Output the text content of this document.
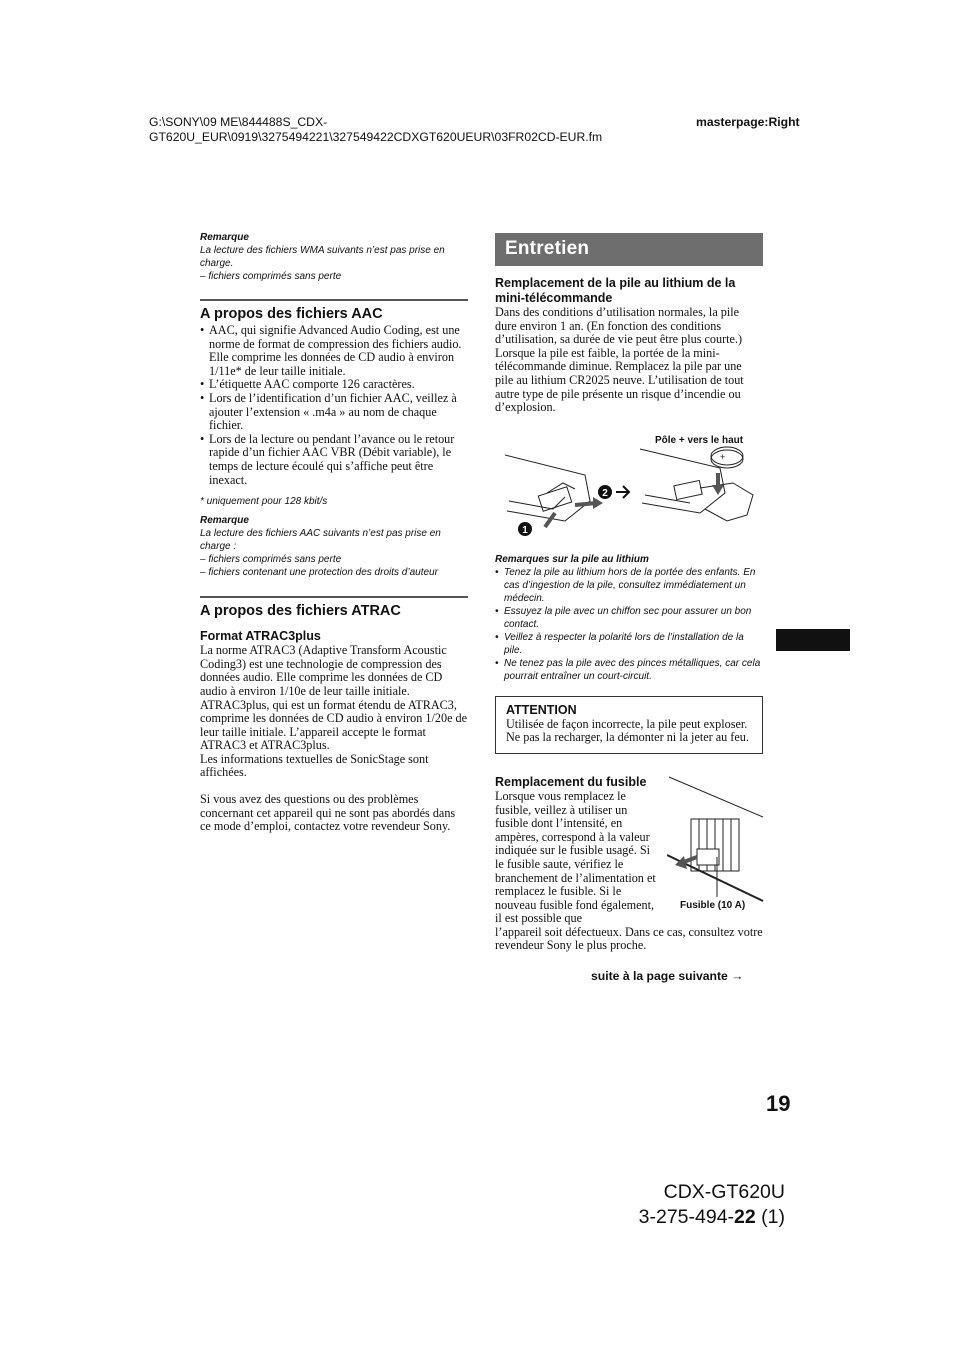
G:\SONY\09 ME\844488S_CDX-
GT620U_EUR\0919\3275494221\327549422CDXGT620UEUR\03FR02CD-EUR.fm
masterpage:Right
Remarque
La lecture des fichiers WMA suivants n’est pas prise en charge.
– fichiers comprimés sans perte
A propos des fichiers AAC
• AAC, qui signifie Advanced Audio Coding, est une norme de format de compression des fichiers audio. Elle comprime les données de CD audio à environ 1/11e* de leur taille initiale.
• L’étiquette AAC comporte 126 caractères.
• Lors de l’identification d’un fichier AAC, veillez à ajouter l’extension « .m4a » au nom de chaque fichier.
• Lors de la lecture ou pendant l’avance ou le retour rapide d’un fichier AAC VBR (Débit variable), le temps de lecture écoulé qui s’affiche peut être inexact.
* uniquement pour 128 kbit/s
Remarque
La lecture des fichiers AAC suivants n’est pas prise en charge :
– fichiers comprimés sans perte
– fichiers contenant une protection des droits d’auteur
A propos des fichiers ATRAC
Format ATRAC3plus
La norme ATRAC3 (Adaptive Transform Acoustic Coding3) est une technologie de compression des données audio. Elle comprime les données de CD audio à environ 1/10e de leur taille initiale.
ATRAC3plus, qui est un format étendu de ATRAC3, comprime les données de CD audio à environ 1/20e de leur taille initiale. L’appareil accepte le format ATRAC3 et ATRAC3plus.
Les informations textuelles de SonicStage sont affichées.
Si vous avez des questions ou des problèmes concernant cet appareil qui ne sont pas abordés dans ce mode d’emploi, contactez votre revendeur Sony.
Entretien
Remplacement de la pile au lithium de la mini-télécommande
Dans des conditions d’utilisation normales, la pile dure environ 1 an. (En fonction des conditions d’utilisation, sa durée de vie peut être plus courte.)
Lorsque la pile est faible, la portée de la mini-télécommande diminue. Remplacez la pile par une pile au lithium CR2025 neuve. L’utilisation de tout autre type de pile présente un risque d’incendie ou d’explosion.
Pôle + vers le haut
+
1
2
Remarques sur la pile au lithium
• Tenez la pile au lithium hors de la portée des enfants. En cas d’ingestion de la pile, consultez immédiatement un médecin.
• Essuyez la pile avec un chiffon sec pour assurer un bon contact.
• Veillez à respecter la polarité lors de l’installation de la pile.
• Ne tenez pas la pile avec des pinces métalliques, car cela pourrait entraîner un court-circuit.
ATTENTION
Utilisée de façon incorrecte, la pile peut exploser. Ne pas la recharger, la démonter ni la jeter au feu.
Remplacement du fusible
Lorsque vous remplacez le fusible, veillez à utiliser un fusible dont l’intensité, en ampères, correspond à la valeur indiquée sur le fusible usagé. Si le fusible saute, vérifiez le branchement de l’alimentation et remplacez le fusible. Si le nouveau fusible fond également, il est possible que
l’appareil soit défectueux. Dans ce cas, consultez votre revendeur Sony le plus proche.
Fusible (10 A)
suite à la page suivante →
19
CDX-GT620U
3-275-494-22 (1)
